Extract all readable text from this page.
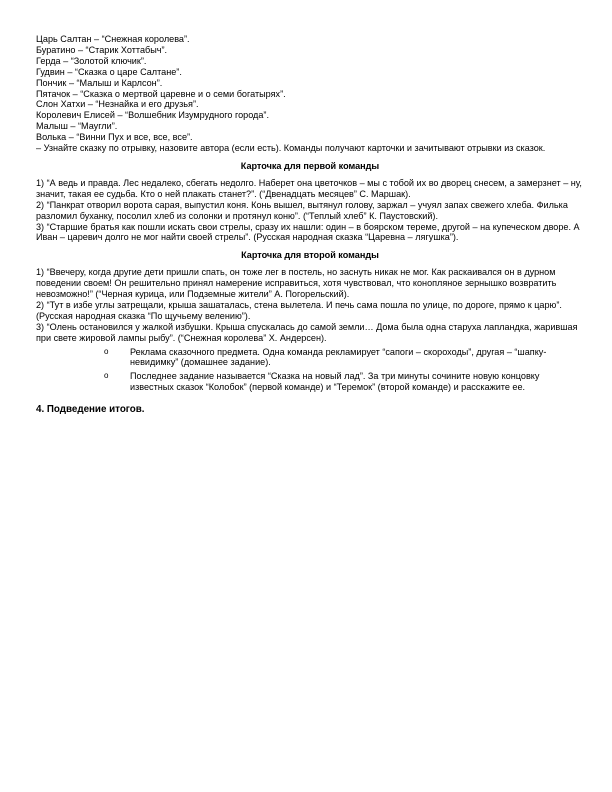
Царь Салтан – “Снежная королева”.
Буратино – “Старик Хоттабыч”.
Герда – “Золотой ключик”.
Гудвин – “Сказка о царе Салтане”.
Пончик – “Малыш и Карлсон”.
Пятачок – “Сказка о мертвой царевне и о семи богатырях”.
Слон Хатхи – “Незнайка и его друзья”.
Королевич Елисей – “Волшебник Изумрудного города”.
Малыш – “Маугли”.
Волька – “Винни Пух и все, все, все”.
– Узнайте сказку по отрывку, назовите автора (если есть). Команды получают карточки и зачитывают отрывки из сказок.
Карточка для первой команды
1) “А ведь и правда. Лес недалеко, сбегать недолго. Наберет она цветочков – мы с тобой их во дворец снесем, а замерзнет – ну, значит, такая ее судьба. Кто о ней плакать станет?”. (“Двенадцать месяцев” С. Маршак).
2) “Панкрат отворил ворота сарая, выпустил коня. Конь вышел, вытянул голову, заржал – учуял запах свежего хлеба. Филька разломил буханку, посолил хлеб из солонки и протянул коню”. (“Теплый хлеб” К. Паустовский).
3) “Старшие братья как пошли искать свои стрелы, сразу их нашли: один – в боярском тереме, другой – на купеческом дворе. А Иван – царевич долго не мог найти своей стрелы”. (Русская народная сказка “Царевна – лягушка”).
Карточка для второй команды
1) “Ввечеру, когда другие дети пришли спать, он тоже лег в постель, но заснуть никак не мог. Как раскаивался он в дурном поведении своем! Он решительно принял намерение исправиться, хотя чувствовал, что конопляное зернышко возвратить невозможно!” (“Черная курица, или Подземные жители” А. Погорельский).
2) “Тут в избе углы затрещали, крыша зашаталась, стена вылетела. И печь сама пошла по улице, по дороге, прямо к царю”. (Русская народная сказка “По щучьему велению”).
3) “Олень остановился у жалкой избушки. Крыша спускалась до самой земли… Дома была одна старуха лапландка, жарившая при свете жировой лампы рыбу”. (“Снежная королева” Х. Андерсен).
o Реклама сказочного предмета. Одна команда рекламирует “сапоги – скороходы”, другая – “шапку-невидимку” (домашнее задание).
o Последнее задание называется “Сказка на новый лад”. За три минуты сочините новую концовку известных сказок “Колобок” (первой команде) и “Теремок” (второй команде) и расскажите ее.
4. Подведение итогов.
